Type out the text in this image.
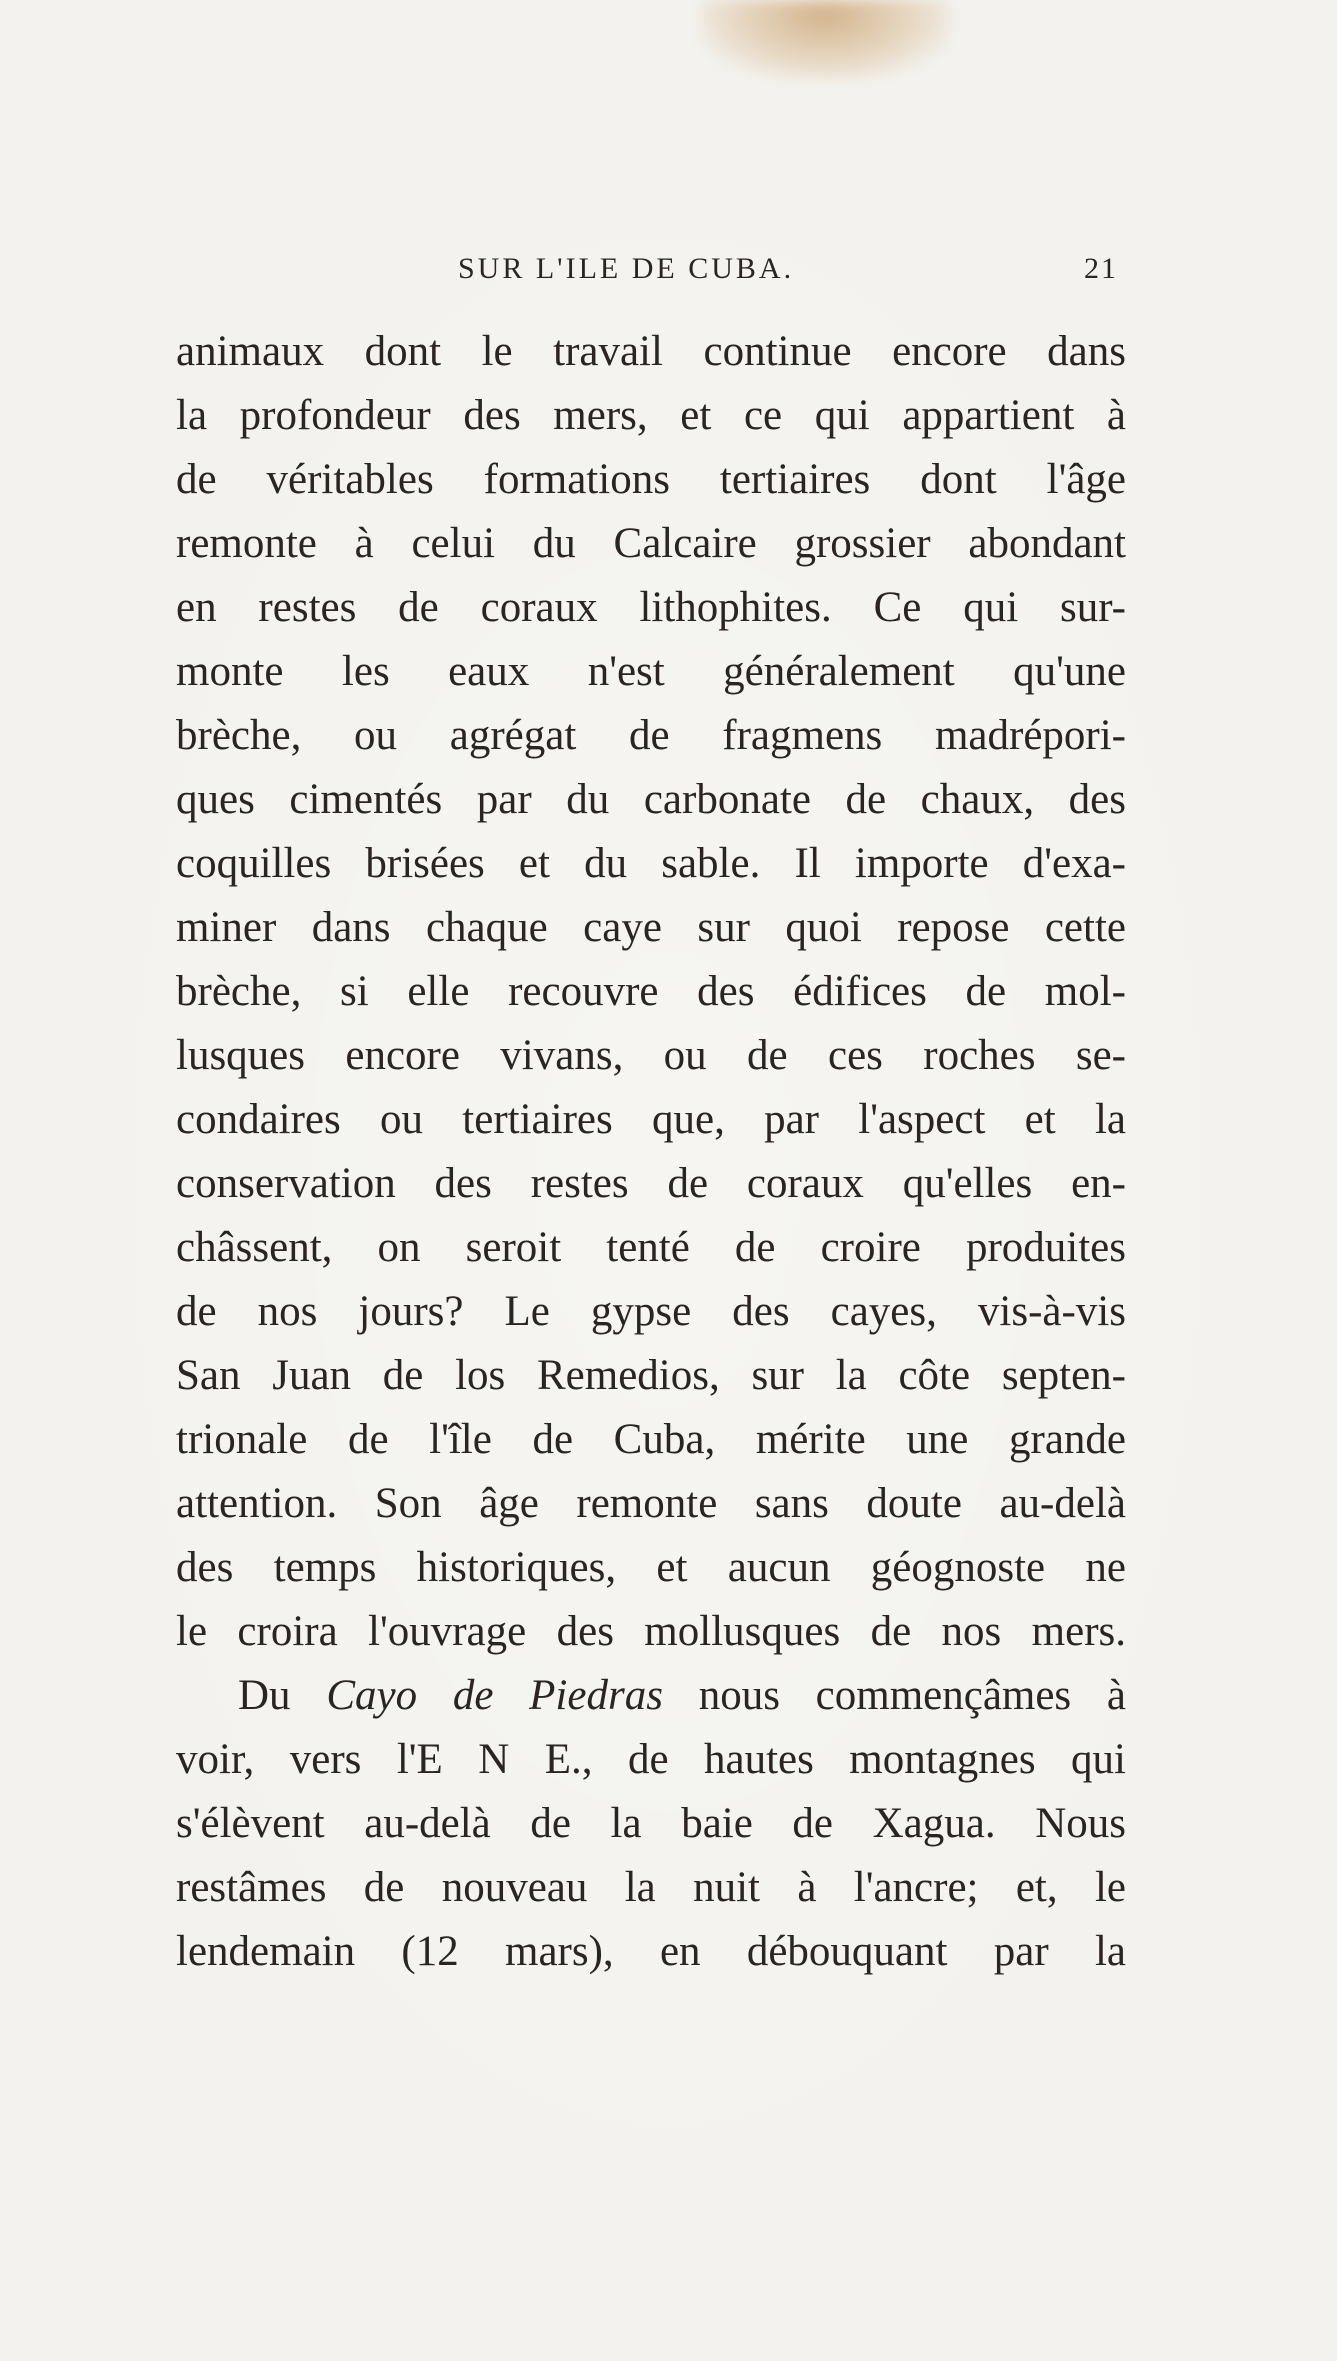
SUR L'ILE DE CUBA.	21
animaux dont le travail continue encore dans
la profondeur des mers, et ce qui appartient à
de véritables formations tertiaires dont l'âge
remonte à celui du Calcaire grossier abondant
en restes de coraux lithophites. Ce qui sur-
monte les eaux n'est généralement qu'une
brèche, ou agrégat de fragmens madrépori-
ques cimentés par du carbonate de chaux, des
coquilles brisées et du sable. Il importe d'exa-
miner dans chaque caye sur quoi repose cette
brèche, si elle recouvre des édifices de mol-
lusques encore vivans, ou de ces roches se-
condaires ou tertiaires que, par l'aspect et la
conservation des restes de coraux qu'elles en-
châssent, on seroit tenté de croire produites
de nos jours? Le gypse des cayes, vis-à-vis
San Juan de los Remedios, sur la côte septen-
trionale de l'île de Cuba, mérite une grande
attention. Son âge remonte sans doute au-delà
des temps historiques, et aucun géognoste ne
le croira l'ouvrage des mollusques de nos mers.
Du Cayo de Piedras nous commençâmes à
voir, vers l'E N E., de hautes montagnes qui
s'élèvent au-delà de la baie de Xagua. Nous
restâmes de nouveau la nuit à l'ancre; et, le
lendemain (12 mars), en débouquant par la
